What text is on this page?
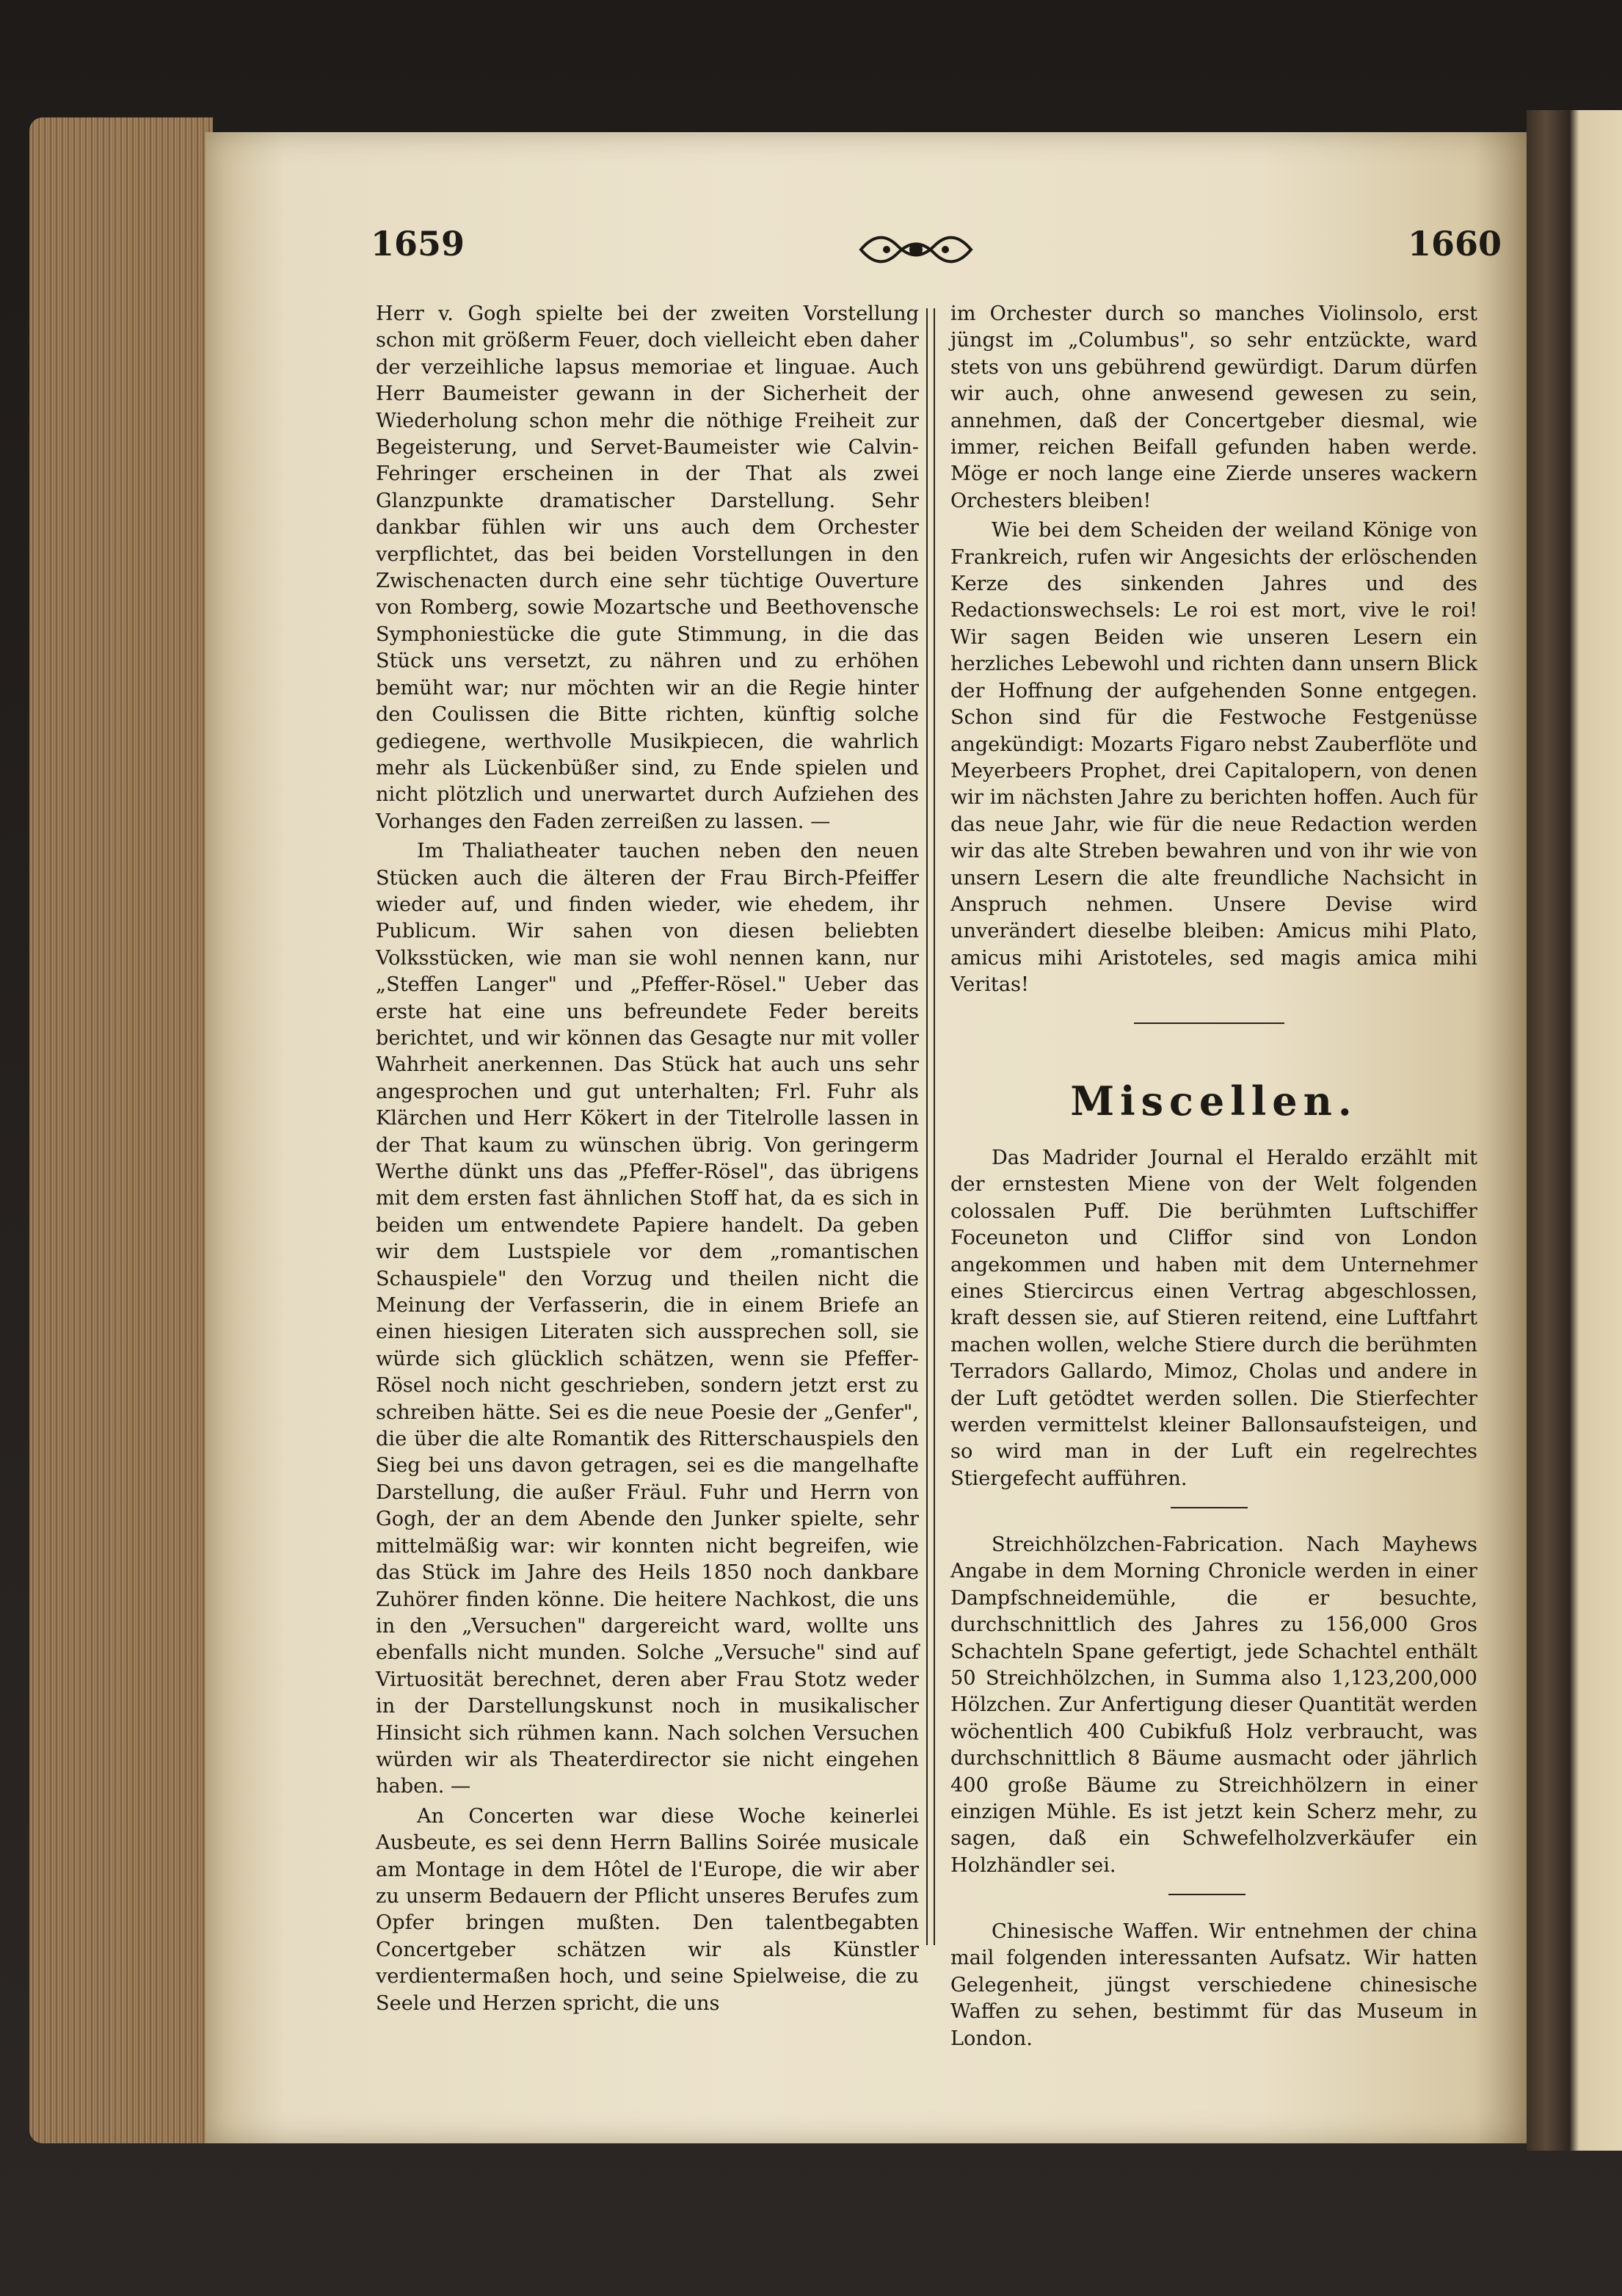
1659	1660

Herr v. Gogh spielte bei der zweiten Vorstellung schon mit größerm Feuer, doch vielleicht eben daher der verzeihliche lapsus memoriae et linguae. Auch Herr Baumeister gewann in der Sicherheit der Wiederholung schon mehr die nöthige Freiheit zur Begeisterung, und Servet-Baumeister wie Calvin-Fehringer erscheinen in der That als zwei Glanzpunkte dramatischer Darstellung. Sehr dankbar fühlen wir uns auch dem Orchester verpflichtet, das bei beiden Vorstellungen in den Zwischenacten durch eine sehr tüchtige Ouverture von Romberg, sowie Mozartsche und Beethovensche Symphoniestücke die gute Stimmung, in die das Stück uns versetzt, zu nähren und zu erhöhen bemüht war; nur möchten wir an die Regie hinter den Coulissen die Bitte richten, künftig solche gediegene, werthvolle Musikpiecen, die wahrlich mehr als Lückenbüßer sind, zu Ende spielen und nicht plötzlich und unerwartet durch Aufziehen des Vorhanges den Faden zerreißen zu lassen. —

Im Thaliatheater tauchen neben den neuen Stücken auch die älteren der Frau Birch-Pfeiffer wieder auf, und finden wieder, wie ehedem, ihr Publicum. Wir sahen von diesen beliebten Volksstücken, wie man sie wohl nennen kann, nur „Steffen Langer" und „Pfeffer-Rösel." Ueber das erste hat eine uns befreundete Feder bereits berichtet, und wir können das Gesagte nur mit voller Wahrheit anerkennen. Das Stück hat auch uns sehr angesprochen und gut unterhalten; Frl. Fuhr als Klärchen und Herr Kökert in der Titelrolle lassen in der That kaum zu wünschen übrig. Von geringerm Werthe dünkt uns das „Pfeffer-Rösel", das übrigens mit dem ersten fast ähnlichen Stoff hat, da es sich in beiden um entwendete Papiere handelt. Da geben wir dem Lustspiele vor dem „romantischen Schauspiele" den Vorzug und theilen nicht die Meinung der Verfasserin, die in einem Briefe an einen hiesigen Literaten sich aussprechen soll, sie würde sich glücklich schätzen, wenn sie Pfeffer-Rösel noch nicht geschrieben, sondern jetzt erst zu schreiben hätte. Sei es die neue Poesie der „Genfer", die über die alte Romantik des Ritterschauspiels den Sieg bei uns davon getragen, sei es die mangelhafte Darstellung, die außer Fräul. Fuhr und Herrn von Gogh, der an dem Abende den Junker spielte, sehr mittelmäßig war: wir konnten nicht begreifen, wie das Stück im Jahre des Heils 1850 noch dankbare Zuhörer finden könne. Die heitere Nachkost, die uns in den „Versuchen" dargereicht ward, wollte uns ebenfalls nicht munden. Solche „Versuche" sind auf Virtuosität berechnet, deren aber Frau Stotz weder in der Darstellungskunst noch in musikalischer Hinsicht sich rühmen kann. Nach solchen Versuchen würden wir als Theaterdirector sie nicht eingehen haben. —

An Concerten war diese Woche keinerlei Ausbeute, es sei denn Herrn Ballins Soirée musicale am Montage in dem Hôtel de l'Europe, die wir aber zu unserm Bedauern der Pflicht unseres Berufes zum Opfer bringen mußten. Den talentbegabten Concertgeber schätzen wir als Künstler verdientermaßen hoch, und seine Spielweise, die zu Seele und Herzen spricht, die uns

im Orchester durch so manches Violinsolo, erst jüngst im „Columbus", so sehr entzückte, ward stets von uns gebührend gewürdigt. Darum dürfen wir auch, ohne anwesend gewesen zu sein, annehmen, daß der Concertgeber diesmal, wie immer, reichen Beifall gefunden haben werde. Möge er noch lange eine Zierde unseres wackern Orchesters bleiben!

Wie bei dem Scheiden der weiland Könige von Frankreich, rufen wir Angesichts der erlöschenden Kerze des sinkenden Jahres und des Redactionswechsels: Le roi est mort, vive le roi! Wir sagen Beiden wie unseren Lesern ein herzliches Lebewohl und richten dann unsern Blick der Hoffnung der aufgehenden Sonne entgegen. Schon sind für die Festwoche Festgenüsse angekündigt: Mozarts Figaro nebst Zauberflöte und Meyerbeers Prophet, drei Capitalopern, von denen wir im nächsten Jahre zu berichten hoffen. Auch für das neue Jahr, wie für die neue Redaction werden wir das alte Streben bewahren und von ihr wie von unsern Lesern die alte freundliche Nachsicht in Anspruch nehmen. Unsere Devise wird unverändert dieselbe bleiben: Amicus mihi Plato, amicus mihi Aristoteles, sed magis amica mihi Veritas!

Miscellen.

Das Madrider Journal el Heraldo erzählt mit der ernstesten Miene von der Welt folgenden colossalen Puff. Die berühmten Luftschiffer Foceuneton und Cliffor sind von London angekommen und haben mit dem Unternehmer eines Stiercircus einen Vertrag abgeschlossen, kraft dessen sie, auf Stieren reitend, eine Luftfahrt machen wollen, welche Stiere durch die berühmten Terradors Gallardo, Mimoz, Cholas und andere in der Luft getödtet werden sollen. Die Stierfechter werden vermittelst kleiner Ballonsaufsteigen, und so wird man in der Luft ein regelrechtes Stiergefecht aufführen.

Streichhölzchen-Fabrication. Nach Mayhews Angabe in dem Morning Chronicle werden in einer Dampfschneidemühle, die er besuchte, durchschnittlich des Jahres zu 156,000 Gros Schachteln Spane gefertigt, jede Schachtel enthält 50 Streichhölzchen, in Summa also 1,123,200,000 Hölzchen. Zur Anfertigung dieser Quantität werden wöchentlich 400 Cubikfuß Holz verbraucht, was durchschnittlich 8 Bäume ausmacht oder jährlich 400 große Bäume zu Streichhölzern in einer einzigen Mühle. Es ist jetzt kein Scherz mehr, zu sagen, daß ein Schwefelholzverkäufer ein Holzhändler sei.

Chinesische Waffen. Wir entnehmen der china mail folgenden interessanten Aufsatz. Wir hatten Gelegenheit, jüngst verschiedene chinesische Waffen zu sehen, bestimmt für das Museum in London.
